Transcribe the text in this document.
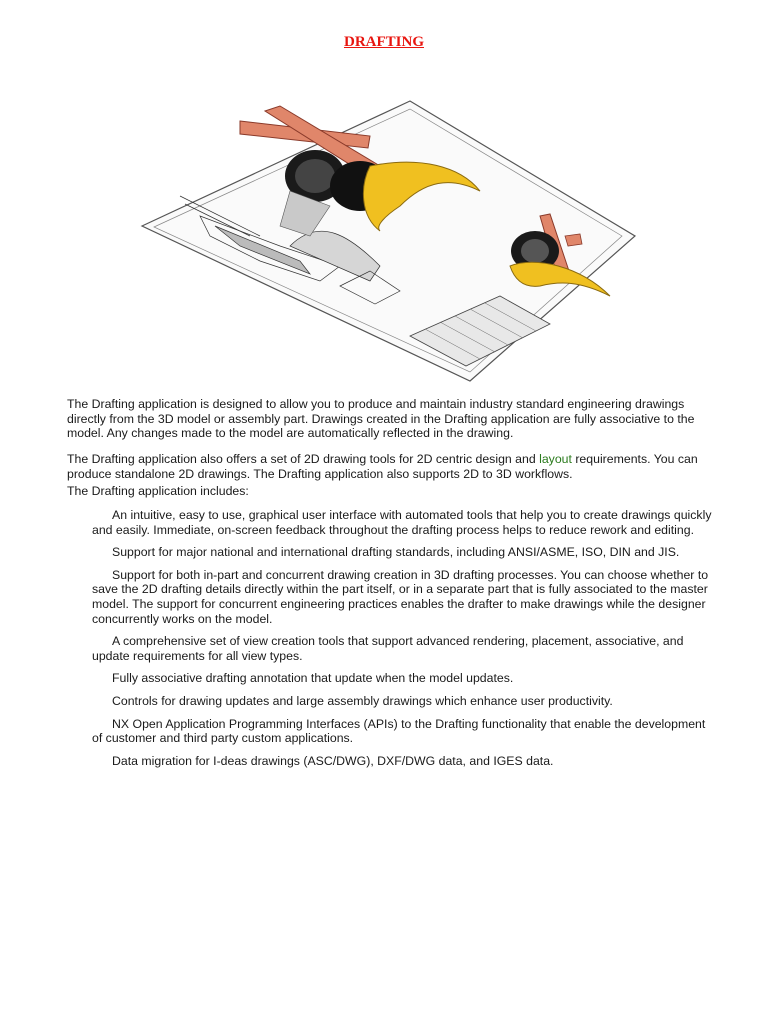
DRAFTING

The Drafting application is designed to allow you to produce and maintain industry standard engineering drawings directly from the 3D model or assembly part. Drawings created in the Drafting application are fully associative to the model. Any changes made to the model are automatically reflected in the drawing.

The Drafting application also offers a set of 2D drawing tools for 2D centric design and layout requirements. You can produce standalone 2D drawings. The Drafting application also supports 2D to 3D workflows.

The Drafting application includes:

An intuitive, easy to use, graphical user interface with automated tools that help you to create drawings quickly and easily. Immediate, on-screen feedback throughout the drafting process helps to reduce rework and editing.

Support for major national and international drafting standards, including ANSI/ASME, ISO, DIN and JIS.

Support for both in-part and concurrent drawing creation in 3D drafting processes. You can choose whether to save the 2D drafting details directly within the part itself, or in a separate part that is fully associated to the master model. The support for concurrent engineering practices enables the drafter to make drawings while the designer concurrently works on the model.

A comprehensive set of view creation tools that support advanced rendering, placement, associative, and update requirements for all view types.

Fully associative drafting annotation that update when the model updates.

Controls for drawing updates and large assembly drawings which enhance user productivity.

NX Open Application Programming Interfaces (APIs) to the Drafting functionality that enable the development of customer and third party custom applications.

Data migration for I-deas drawings (ASC/DWG), DXF/DWG data, and IGES data.
